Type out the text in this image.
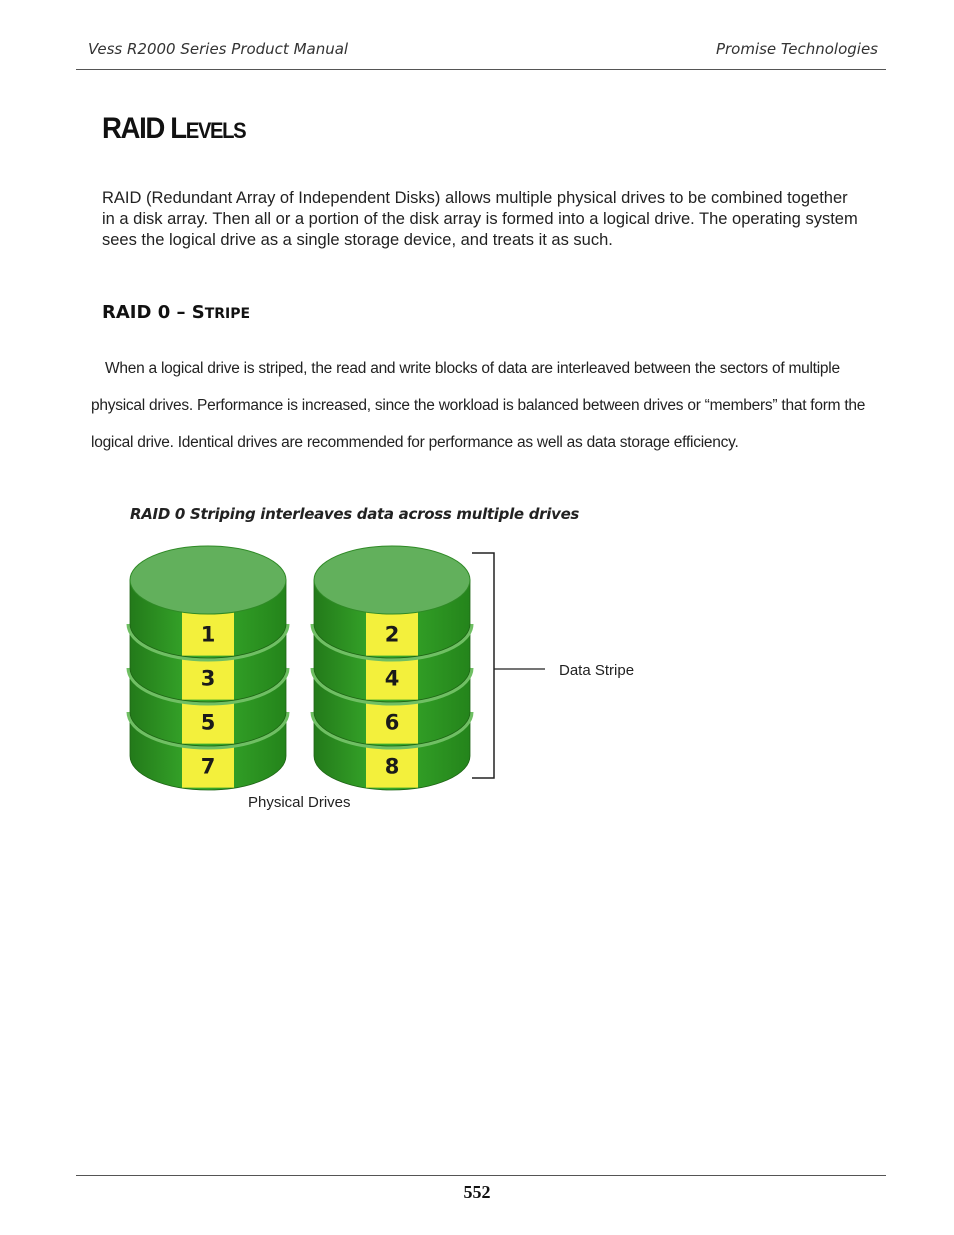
Vess R2000 Series Product Manual	Promise Technologies
RAID LEVELS

RAID (Redundant Array of Independent Disks) allows multiple physical drives to be combined together in a disk array. Then all or a portion of the disk array is formed into a logical drive. The operating system sees the logical drive as a single storage device, and treats it as such.

RAID 0 – STRIPE

When a logical drive is striped, the read and write blocks of data are interleaved between the sectors of multiple physical drives. Performance is increased, since the workload is balanced between drives or “members” that form the logical drive. Identical drives are recommended for performance as well as data storage efficiency.

RAID 0 Striping interleaves data across multiple drives
7
5
3
1
8
6
4
2
Data Stripe
Physical Drives
552
